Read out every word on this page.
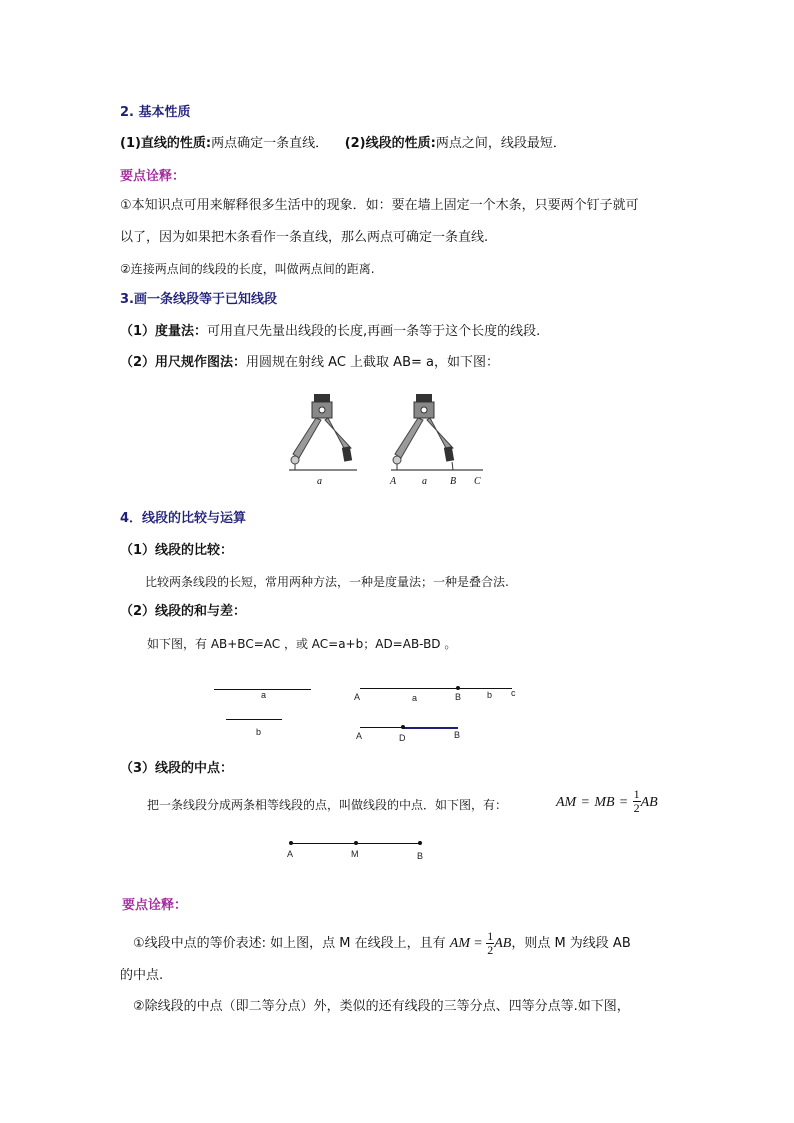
2. 基本性质
(1)直线的性质:两点确定一条直线． (2)线段的性质:两点之间，线段最短．
要点诠释：
①本知识点可用来解释很多生活中的现象．如：要在墙上固定一个木条，只要两个钉子就可
以了，因为如果把木条看作一条直线，那么两点可确定一条直线.
②连接两点间的线段的长度，叫做两点间的距离.
3.画一条线段等于已知线段
（1）度量法：可用直尺先量出线段的长度,再画一条等于这个长度的线段.
（2）用尺规作图法：用圆规在射线 AC 上截取 AB= a，如下图：
a	A	a B C
4．线段的比较与运算
（1）线段的比较：
比较两条线段的长短，常用两种方法，一种是度量法；一种是叠合法.
（2）线段的和与差：
如下图，有 AB+BC=AC ，或 AC=a+b；AD=AB-BD 。
a
b
A	a	B	b c
A	D	B
（3）线段的中点：
把一条线段分成两条相等线段的点，叫做线段的中点．如下图，有：	AM = MB = $\frac{1}{2}$ AB
A	M	B
要点诠释：
①线段中点的等价表述: 如上图，点 M 在线段上，且有 AM = $\frac{1}{2}$ AB，则点 M 为线段 AB
的中点.
②除线段的中点（即二等分点）外，类似的还有线段的三等分点、四等分点等.如下图，
